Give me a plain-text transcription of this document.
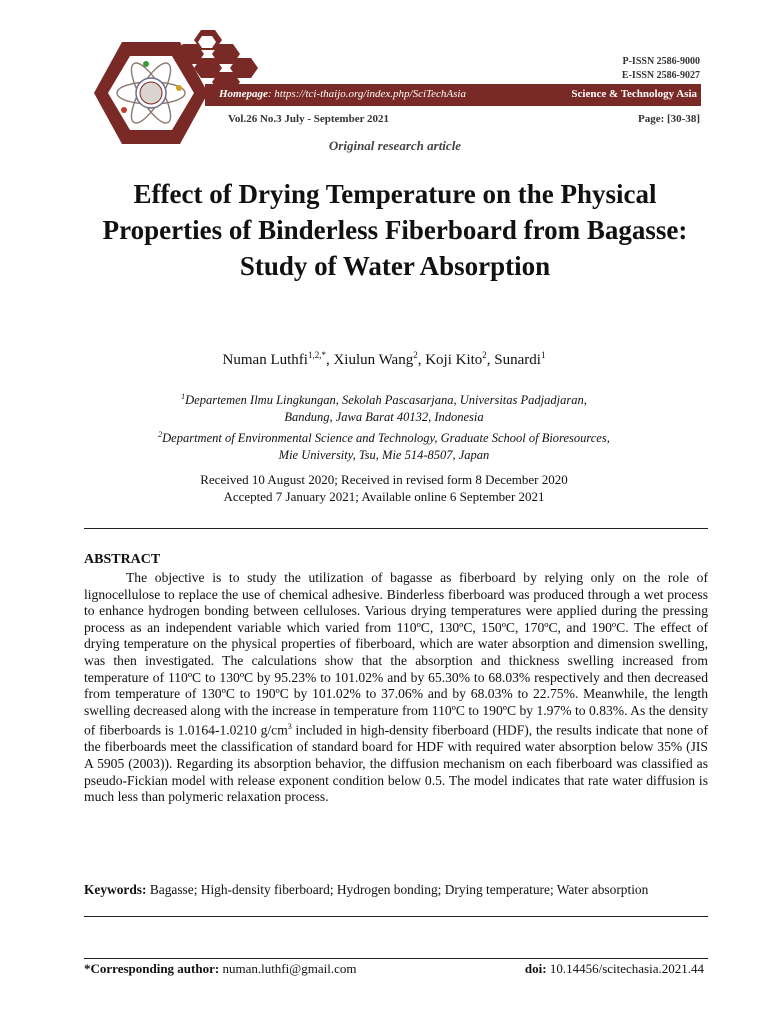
P-ISSN 2586-9000
E-ISSN 2586-9027
Homepage: https://tci-thaijo.org/index.php/SciTechAsia	Science & Technology Asia
Vol.26 No.3 July - September 2021	Page: [30-38]
Original research article
Effect of Drying Temperature on the Physical Properties of Binderless Fiberboard from Bagasse: Study of Water Absorption
Numan Luthfi$^{1,2,*}$, Xiulun Wang$^2$, Koji Kito$^2$, Sunardi$^1$
$^1$Departemen Ilmu Lingkungan, Sekolah Pascasarjana, Universitas Padjadjaran,
Bandung, Jawa Barat 40132, Indonesia
$^2$Department of Environmental Science and Technology, Graduate School of Bioresources,
Mie University, Tsu, Mie 514-8507, Japan
Received 10 August 2020; Received in revised form 8 December 2020
Accepted 7 January 2021; Available online 6 September 2021
ABSTRACT

The objective is to study the utilization of bagasse as fiberboard by relying only on the role of lignocellulose to replace the use of chemical adhesive. Binderless fiberboard was produced through a wet process to enhance hydrogen bonding between celluloses. Various drying temperatures were applied during the pressing process as an independent variable which varied from 110ºC, 130ºC, 150ºC, 170ºC, and 190ºC. The effect of drying temperature on the physical properties of fiberboard, which are water absorption and dimension swelling, was then investigated. The calculations show that the absorption and thickness swelling increased from temperature of 110ºC to 130ºC by 95.23% to 101.02% and by 65.30% to 68.03% respectively and then decreased from temperature of 130ºC to 190ºC by 101.02% to 37.06% and by 68.03% to 22.75%. Meanwhile, the length swelling decreased along with the increase in temperature from 110ºC to 190ºC by 1.97% to 0.83%. As the density of fiberboards is 1.0164-1.0210 $g/cm^3$ included in high-density fiberboard (HDF), the results indicate that none of the fiberboards meet the classification of standard board for HDF with required water absorption below 35% (JIS A 5905 (2003)). Regarding its absorption behavior, the diffusion mechanism on each fiberboard was classified as pseudo-Fickian model with release exponent condition below 0.5. The model indicates that rate water diffusion is much less than polymeric relaxation process.

Keywords: Bagasse; High-density fiberboard; Hydrogen bonding; Drying temperature; Water absorption

*Corresponding author: numan.luthfi@gmail.com	doi: 10.14456/scitechasia.2021.44
